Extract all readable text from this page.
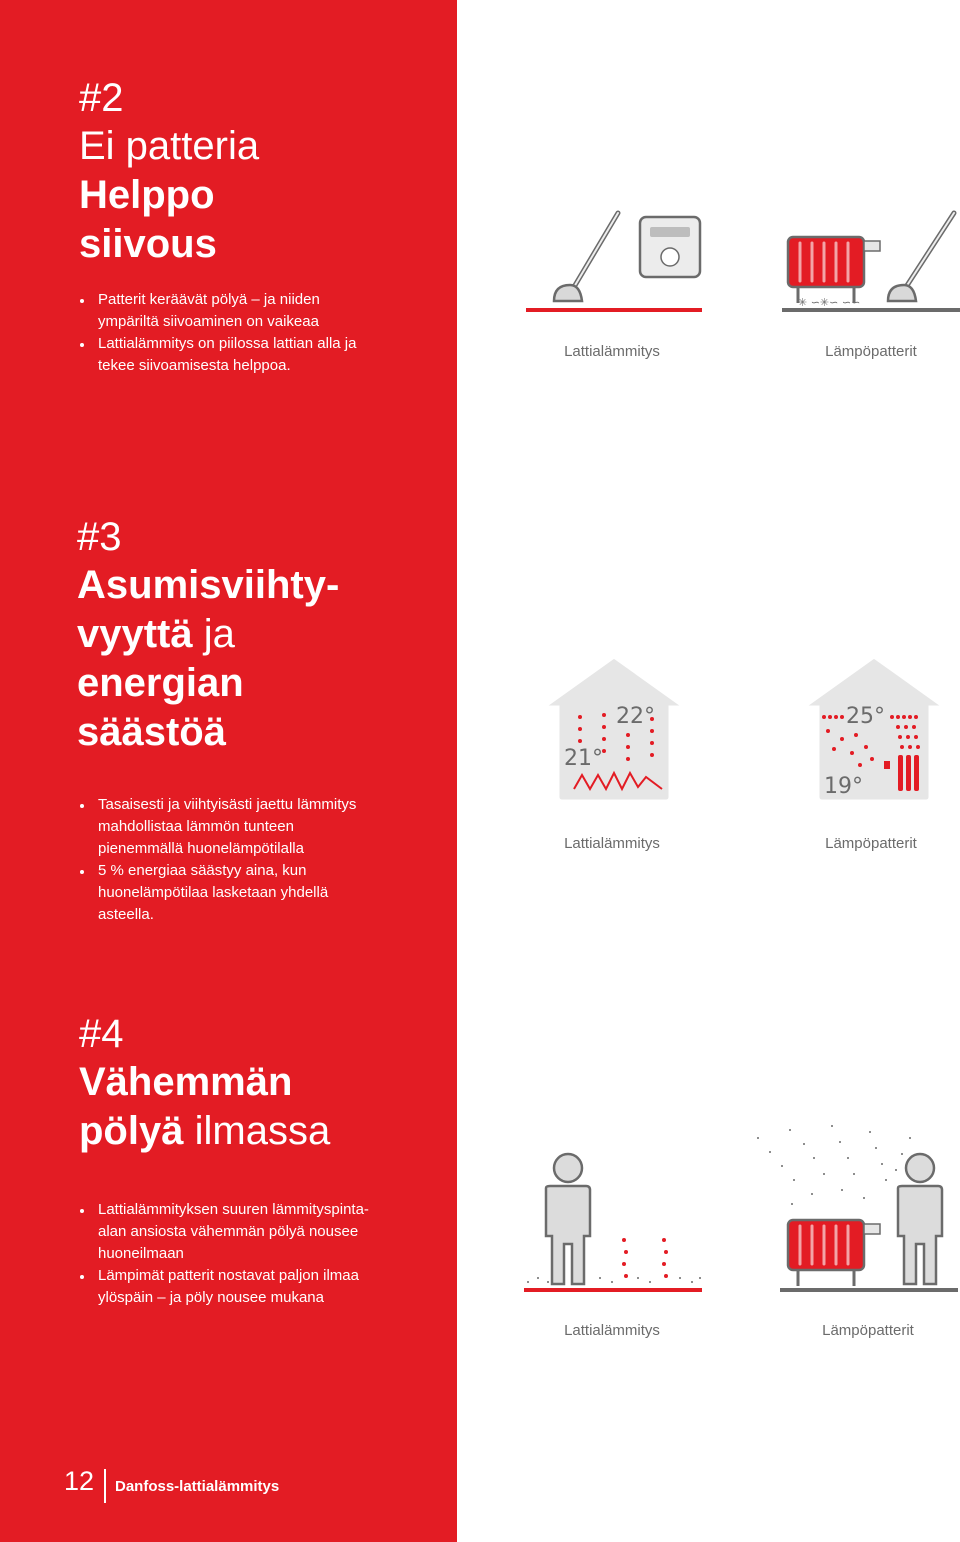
#2

Ei patteria

Helppo

siivous

Patterit keräävät pölyä – ja niiden ympäriltä siivoaminen on vaikeaa
Lattialämmitys on piilossa lattian alla ja tekee siivoamisesta helppoa.

#3

Asumisviihty-

vyyttä ja

energian

säästöä

Tasaisesti ja viihtyisästi jaettu lämmitys mahdollistaa lämmön tunteen pienemmällä huonelämpötilalla
5 % energiaa säästyy aina, kun huonelämpötilaa lasketaan yhdellä asteella.

#4

Vähemmän

pölyä ilmassa

Lattialämmityksen suuren lämmityspinta-alan ansiosta vähemmän pölyä nousee huoneilmaan
Lämpimät patterit nostavat paljon ilmaa ylöspäin – ja pöly nousee mukana
✳ ∽✳∽ ∽∽
Lattialämmitys	Lämpöpatterit
22°
21°
25°
19°
Lattialämmitys	Lämpöpatterit
Lattialämmitys	Lämpöpatterit
12 Danfoss-lattialämmitys
